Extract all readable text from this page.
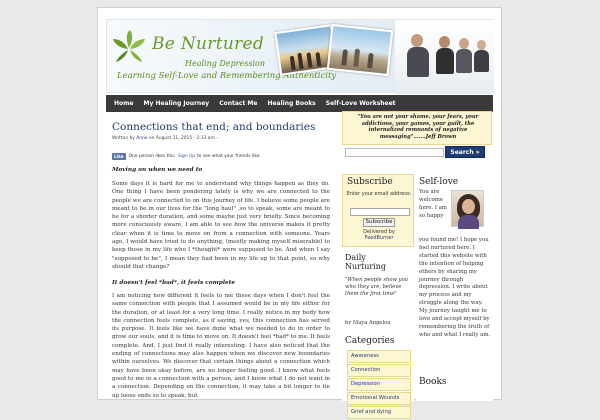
Be Nurtured
Healing Depression
Learning Self-Love and Remembering Authenticity
Home	My Healing Journey	Contact Me	Healing Books	Self-Love Worksheet
Connections that end; and boundaries
Written by Anne on August 31, 2015 - 2:33 am -
Like	One person likes this. Sign Up to see what your friends like.
Moving on when we need to
Some days it is hard for me to understand why things happen as they do. One thing I have been pondering lately is why we are connected to the people we are connected to on this journey of life. I believe some people are meant to be in our lives for the "long haul" ,so to speak, some are meant to be for a shorter duration, and some maybe just very briefly. Since becoming more consciously aware, I am able to see how the universe makes it pretty clear when it is time to move on from a connection with someone. Years ago, I would have tried to do anything, (mostly making myself miserable) to keep those in my life who I *thought* were supposed to be. And when I say "supposed to be", I mean they had been in my life up to that point, so why should that change?
It doesn't feel *bad*, it feels complete
I am noticing how different it feels to me these days when I don't feel the same connection with people that I assumed would be in my life either for the duration, or at least for a very long time. I really notice in my body how the connection feels complete, as if saying, yes, this connection has served its purpose. It feels like we have done what we needed to do in order to grow our souls, and it is time to move on. It doesn't feel *bad* to me. It feels complete. And, I just find it really interesting. I have also noticed that the ending of connections may also happen when we discover new boundaries within ourselves. We discover that certain things about a connection which may have been okay before, are no longer feeling good. I know what feels good to me in a connection with a person, and I know what I do not want in a connection. Depending on the connection, it may take a bit longer to tie up loose ends so to speak, but
"You are not your shame, your fears, your addictions, your games, your guilt, the internalized remnants of negative messaging"…….Jeff Brown
Search »
Subscribe
Enter your email address:
Subscribe
Delivered by
FeedBurner
Daily Nurturing
"When people show you who they are, believe them the first time"
by Maya Angelou
Categories
Awareness
Connection
Depression
Emotional Wounds
Grief and dying
Self-love
You are welcome here. I am so happy
you found me! I hope you feel nurtured here. I started this website with the intention of helping others by sharing my journey through depression. I write about my process and my struggle along the way. My journey taught me to love and accept myself by remembering the truth of who and what I really am.
Books
